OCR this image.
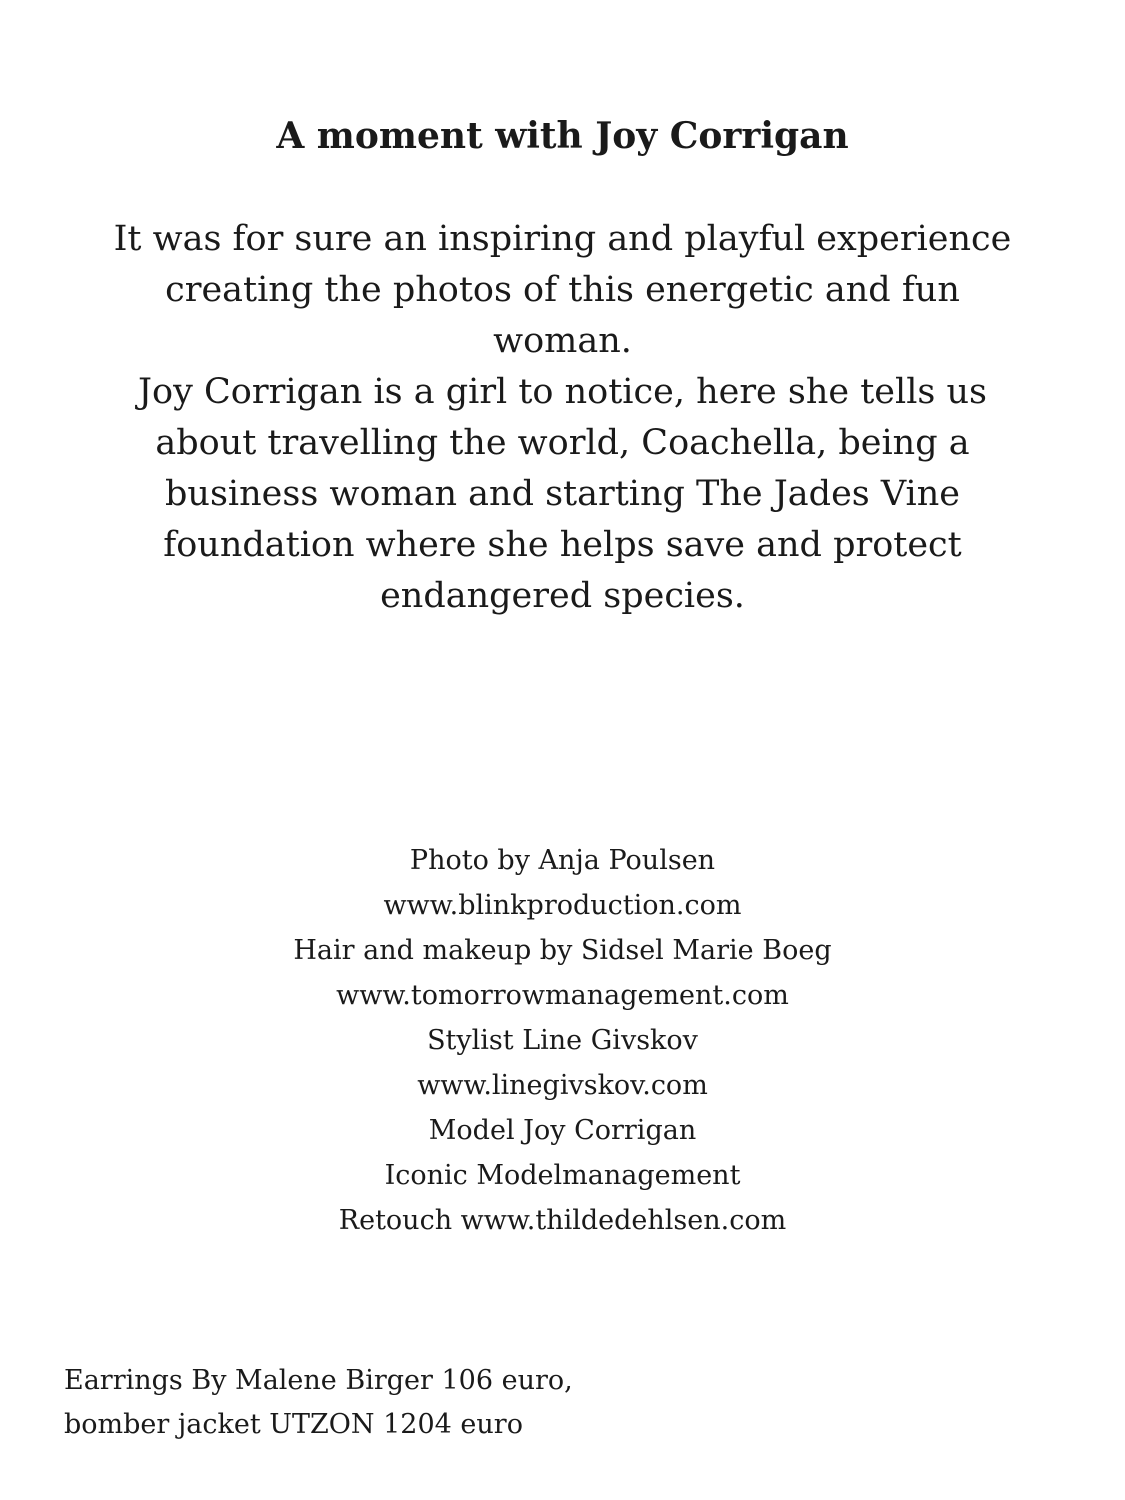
A moment with Joy Corrigan

It was for sure an inspiring and playful experience creating the photos of this energetic and fun woman.

Joy Corrigan is a girl to notice, here she tells us about travelling the world, Coachella, being a business woman and starting The Jades Vine foundation where she helps save and protect endangered species.

Photo by Anja Poulsen
www.blinkproduction.com
Hair and makeup by Sidsel Marie Boeg
www.tomorrowmanagement.com
Stylist Line Givskov
www.linegivskov.com
Model Joy Corrigan
Iconic Modelmanagement
Retouch www.thildedehlsen.com
Earrings By Malene Birger 106 euro,
bomber jacket UTZON 1204 euro
